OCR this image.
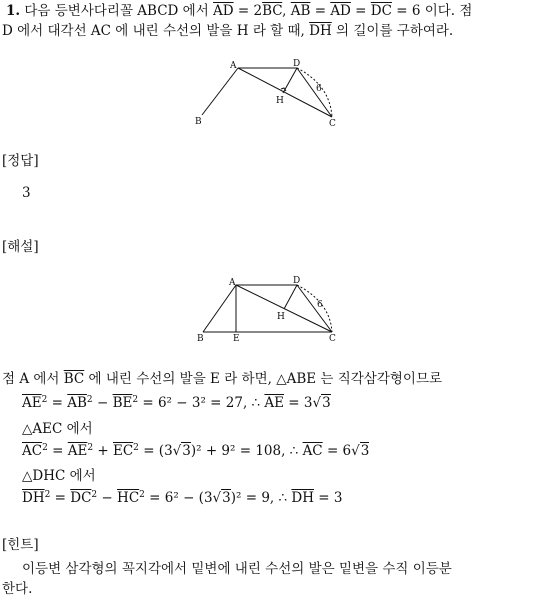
1. 다음 등변사다리꼴 ABCD 에서 $\overline{AD} = 2\overline{BC}$, $\overline{AB} = \overline{AD} = \overline{DC} = 6$ 이다. 점
D 에서 대각선 AC 에 내린 수선의 발을 H 라 할 때, $\overline{DH}$ 의 길이를 구하여라.
A
B	C
D
H
6
[정답]
3
[해설]
A
B	C
D
E
H
6
점 A 에서 $\overline{BC}$ 에 내린 수선의 발을 E 라 하면, △ABE 는 직각삼각형이므로
$\overline{AE}^2 = \overline{AB}^2 - \overline{BE}^2 = 6^2 - 3^2 = 27$, ∴ $\overline{AE} = 3√3$
△AEC 에서
$\overline{AC}^2 = \overline{AE}^2 + \overline{EC}^2 = (3√3)^2 + 9^2 = 108$, ∴ $\overline{AC} = 6√3$
△DHC 에서
$\overline{DH}^2 = \overline{DC}^2 - \overline{HC}^2 = 6^2 - (3√3)^2 = 9$, ∴ $\overline{DH} = 3$
[힌트]
이등변 삼각형의 꼭지각에서 밑변에 내린 수선의 발은 밑변을 수직 이등분
한다.
